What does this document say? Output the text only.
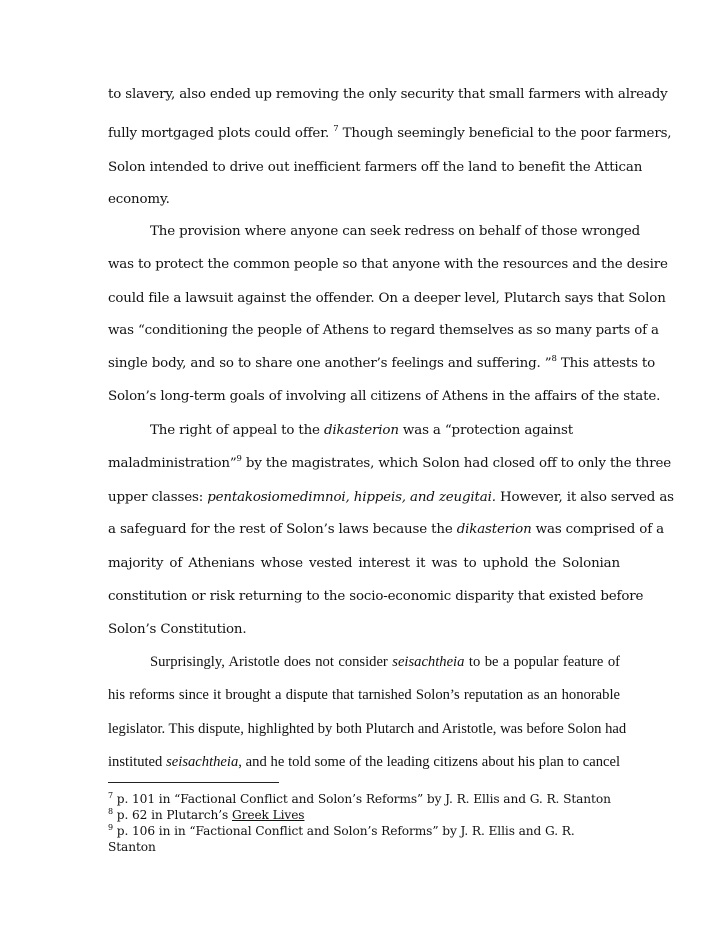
to slavery, also ended up removing the only security that small farmers with already
fully mortgaged plots could offer. $^7$ Though seemingly beneficial to the poor farmers,
Solon intended to drive out inefficient farmers off the land to benefit the Attican
economy.
The provision where anyone can seek redress on behalf of those wronged
was to protect the common people so that anyone with the resources and the desire
could file a lawsuit against the offender. On a deeper level, Plutarch says that Solon
was “conditioning the people of Athens to regard themselves as so many parts of a
single body, and so to share one another’s feelings and suffering. ”$^8$ This attests to
Solon’s long-term goals of involving all citizens of Athens in the affairs of the state.
The right of appeal to the dikasterion was a “protection against
maladministration”$^9$ by the magistrates, which Solon had closed off to only the three
upper classes: pentakosiomedimnoi, hippeis, and zeugitai. However, it also served as
a safeguard for the rest of Solon’s laws because the dikasterion was comprised of a
majority of Athenians whose vested interest it was to uphold the Solonian
constitution or risk returning to the socio-economic disparity that existed before
Solon’s Constitution.
Surprisingly, Aristotle does not consider seisachtheia to be a popular feature of
his reforms since it brought a dispute that tarnished Solon’s reputation as an honorable
legislator. This dispute, highlighted by both Plutarch and Aristotle, was before Solon had
instituted seisachtheia, and he told some of the leading citizens about his plan to cancel
$^7$ p. 101 in “Factional Conflict and Solon’s Reforms” by J. R. Ellis and G. R. Stanton
$^8$ p. 62 in Plutarch’s Greek Lives
$^9$ p. 106 in in “Factional Conflict and Solon’s Reforms” by J. R. Ellis and G. R.
Stanton
